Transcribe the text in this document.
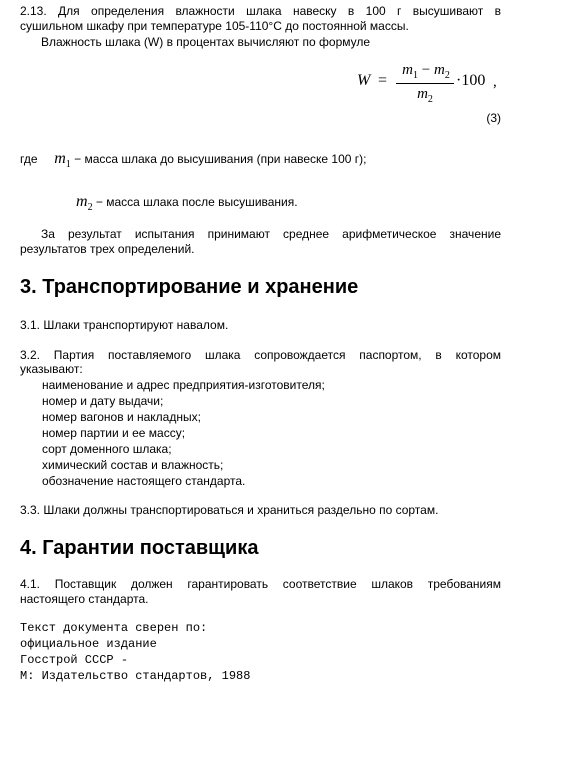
2.13. Для определения влажности шлака навеску в 100 г высушивают в
сушильном шкафу при температуре 105-110°С до постоянной массы.
Влажность шлака (W) в процентах вычисляют по формуле
W =
$m_1 - m_2$
$m_2$
·100 ,
(3)
где $m_1$ − масса шлака до высушивания (при навеске 100 г);
$m_2$ − масса шлака после высушивания.
За результат испытания принимают среднее арифметическое значение
результатов трех определений.
3. Транспортирование и хранение
3.1. Шлаки транспортируют навалом.
3.2. Партия поставляемого шлака сопровождается паспортом, в котором
указывают:
наименование и адрес предприятия-изготовителя;
номер и дату выдачи;
номер вагонов и накладных;
номер партии и ее массу;
сорт доменного шлака;
химический состав и влажность;
обозначение настоящего стандарта.
3.3. Шлаки должны транспортироваться и храниться раздельно по сортам.
4. Гарантии поставщика
4.1. Поставщик должен гарантировать соответствие шлаков требованиям
настоящего стандарта.
Текст документа сверен по:
официальное издание
Госстрой СССР -
М: Издательство стандартов, 1988
